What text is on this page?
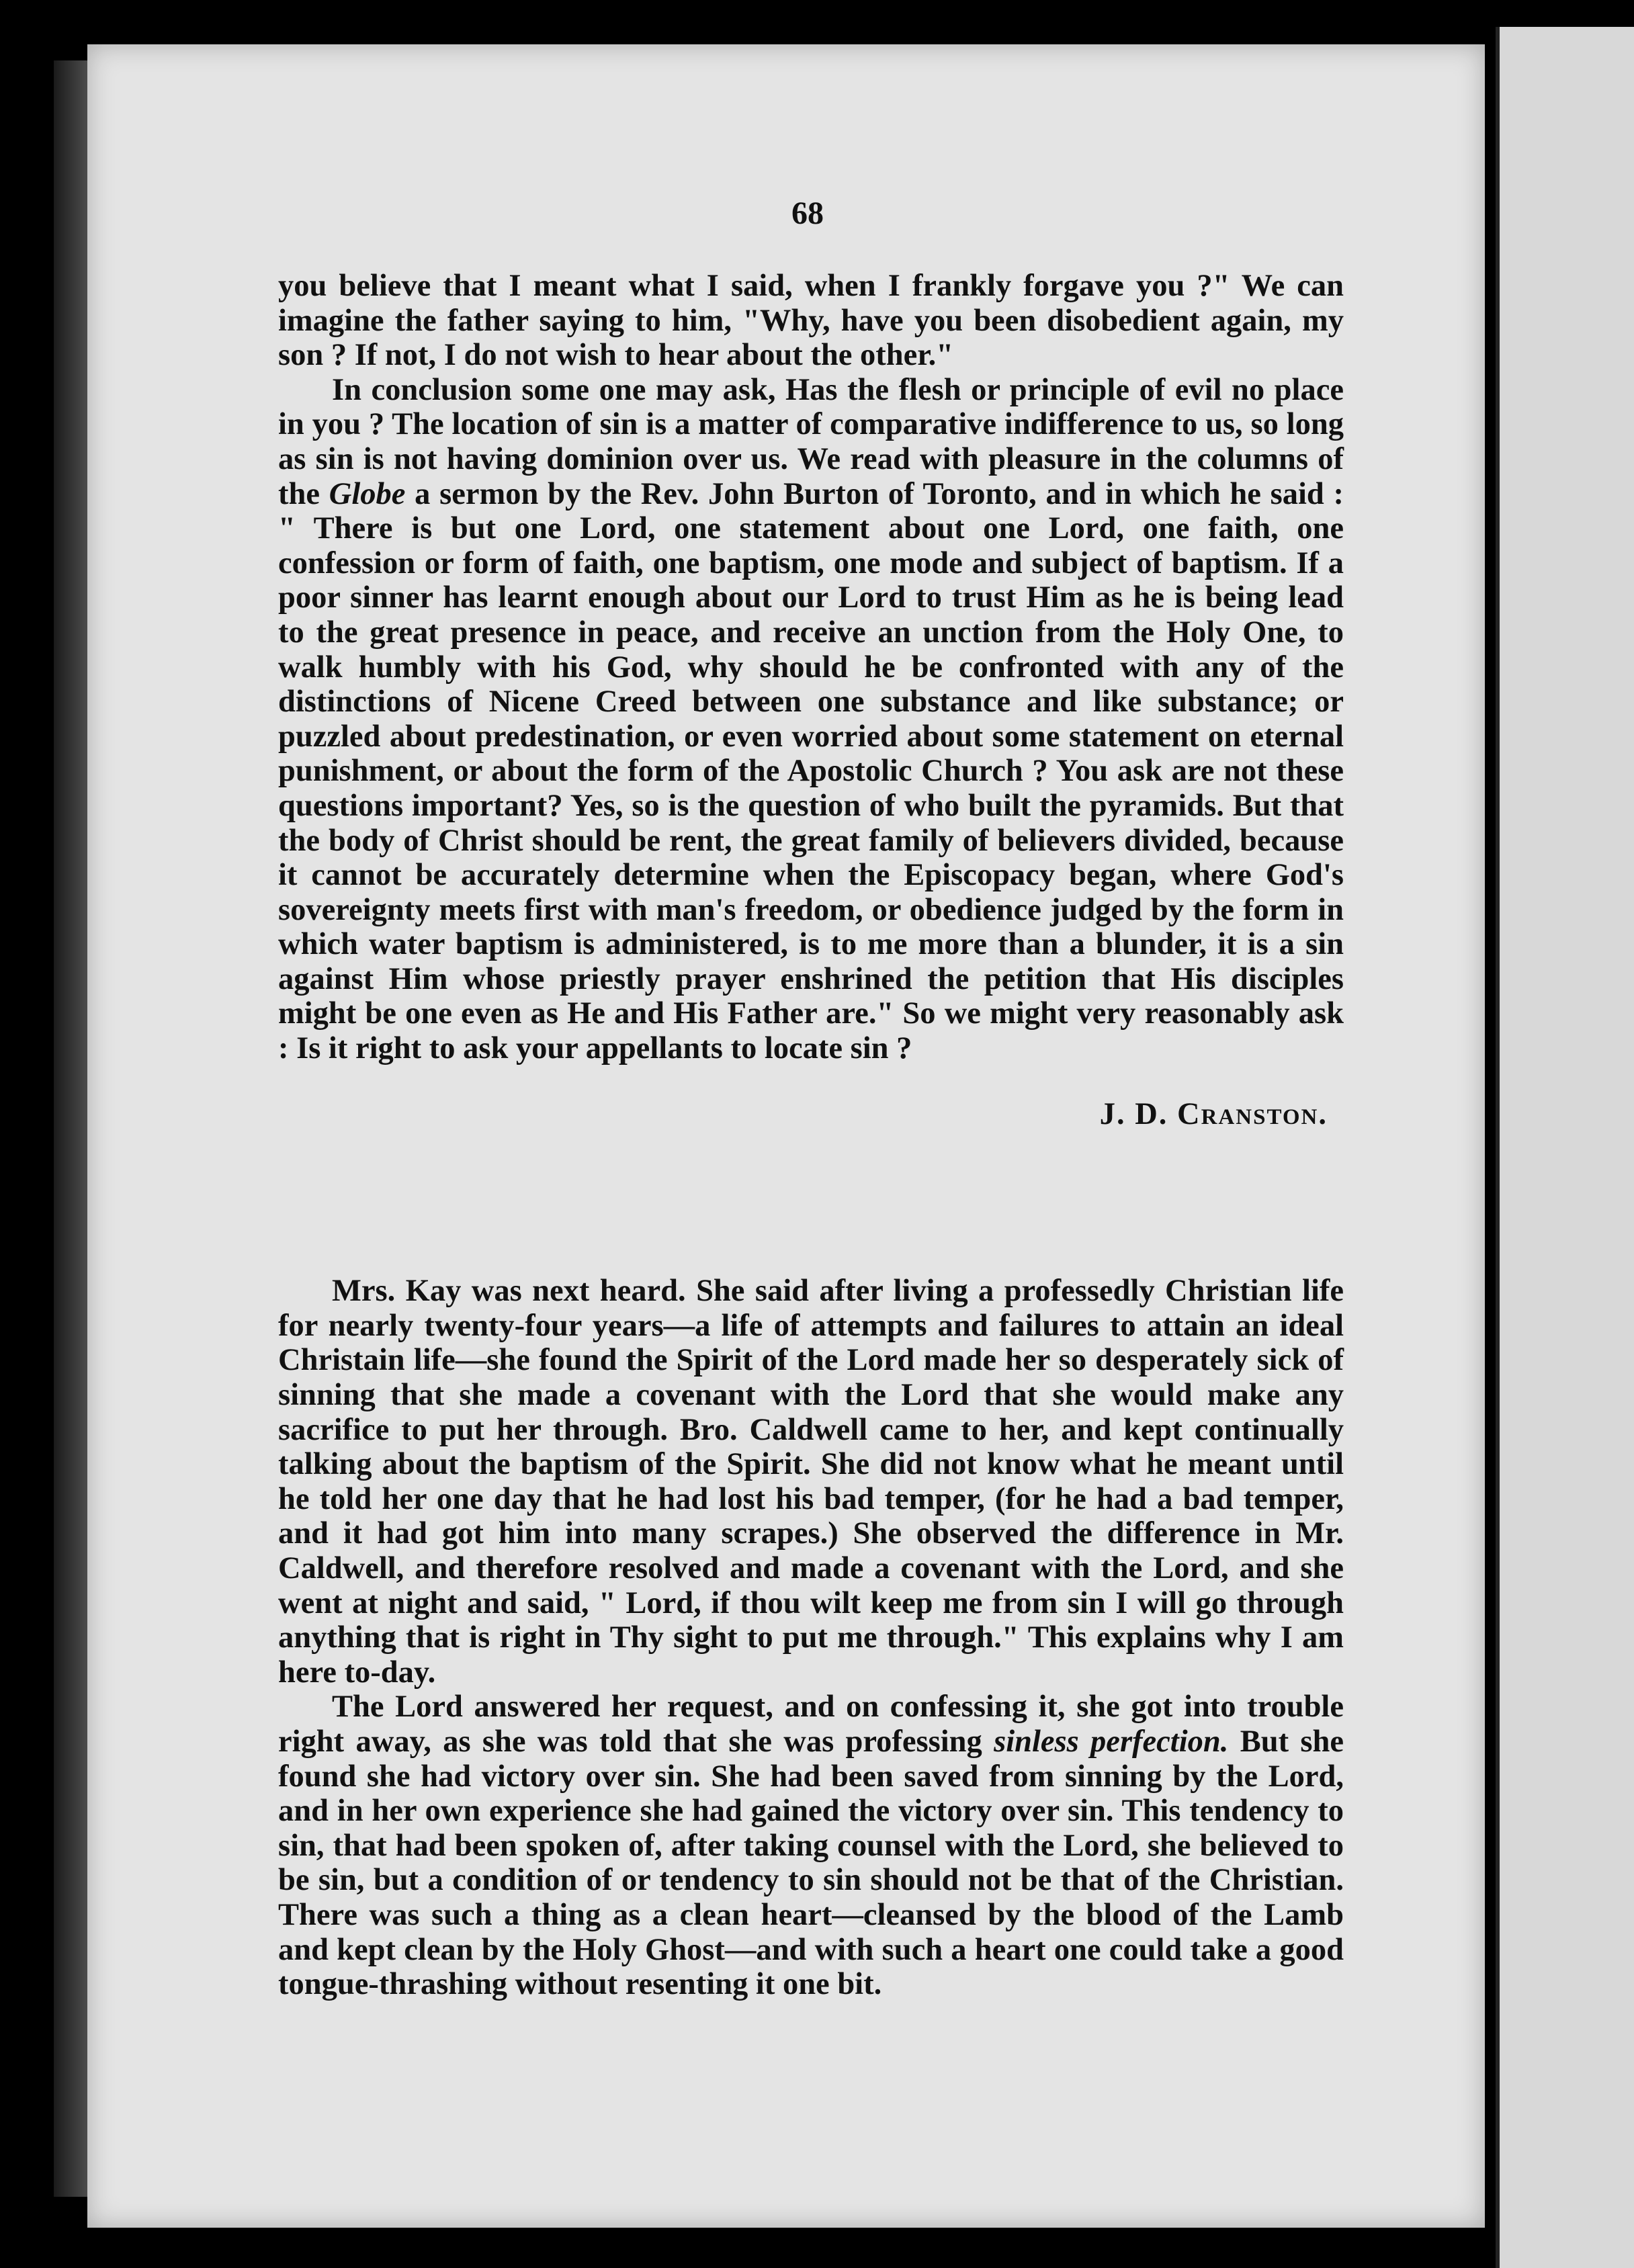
68

you believe that I meant what I said, when I frankly forgave you ?" We can imagine the father saying to him, "Why, have you been disobedient again, my son ? If not, I do not wish to hear about the other."

In conclusion some one may ask, Has the flesh or principle of evil no place in you ? The location of sin is a matter of comparative indifference to us, so long as sin is not having dominion over us. We read with pleasure in the columns of the Globe a sermon by the Rev. John Burton of Toronto, and in which he said : " There is but one Lord, one statement about one Lord, one faith, one confession or form of faith, one baptism, one mode and subject of baptism. If a poor sinner has learnt enough about our Lord to trust Him as he is being lead to the great presence in peace, and receive an unction from the Holy One, to walk humbly with his God, why should he be confronted with any of the distinctions of Nicene Creed between one substance and like substance; or puzzled about predestination, or even worried about some statement on eternal punishment, or about the form of the Apostolic Church ? You ask are not these questions important? Yes, so is the question of who built the pyramids. But that the body of Christ should be rent, the great family of believers divided, because it cannot be accurately determine when the Episcopacy began, where God's sovereignty meets first with man's freedom, or obedience judged by the form in which water baptism is administered, is to me more than a blunder, it is a sin against Him whose priestly prayer enshrined the petition that His disciples might be one even as He and His Father are." So we might very reasonably ask : Is it right to ask your appellants to locate sin ?

J. D. Cranston.

Mrs. Kay was next heard. She said after living a professedly Christian life for nearly twenty-four years—a life of attempts and failures to attain an ideal Christain life—she found the Spirit of the Lord made her so desperately sick of sinning that she made a covenant with the Lord that she would make any sacrifice to put her through. Bro. Caldwell came to her, and kept continually talking about the baptism of the Spirit. She did not know what he meant until he told her one day that he had lost his bad temper, (for he had a bad temper, and it had got him into many scrapes.) She observed the difference in Mr. Caldwell, and therefore resolved and made a covenant with the Lord, and she went at night and said, " Lord, if thou wilt keep me from sin I will go through anything that is right in Thy sight to put me through." This explains why I am here to-day.

The Lord answered her request, and on confessing it, she got into trouble right away, as she was told that she was professing sinless perfection. But she found she had victory over sin. She had been saved from sinning by the Lord, and in her own experience she had gained the victory over sin. This tendency to sin, that had been spoken of, after taking counsel with the Lord, she believed to be sin, but a condition of or tendency to sin should not be that of the Christian. There was such a thing as a clean heart—cleansed by the blood of the Lamb and kept clean by the Holy Ghost—and with such a heart one could take a good tongue-thrashing without resenting it one bit.
